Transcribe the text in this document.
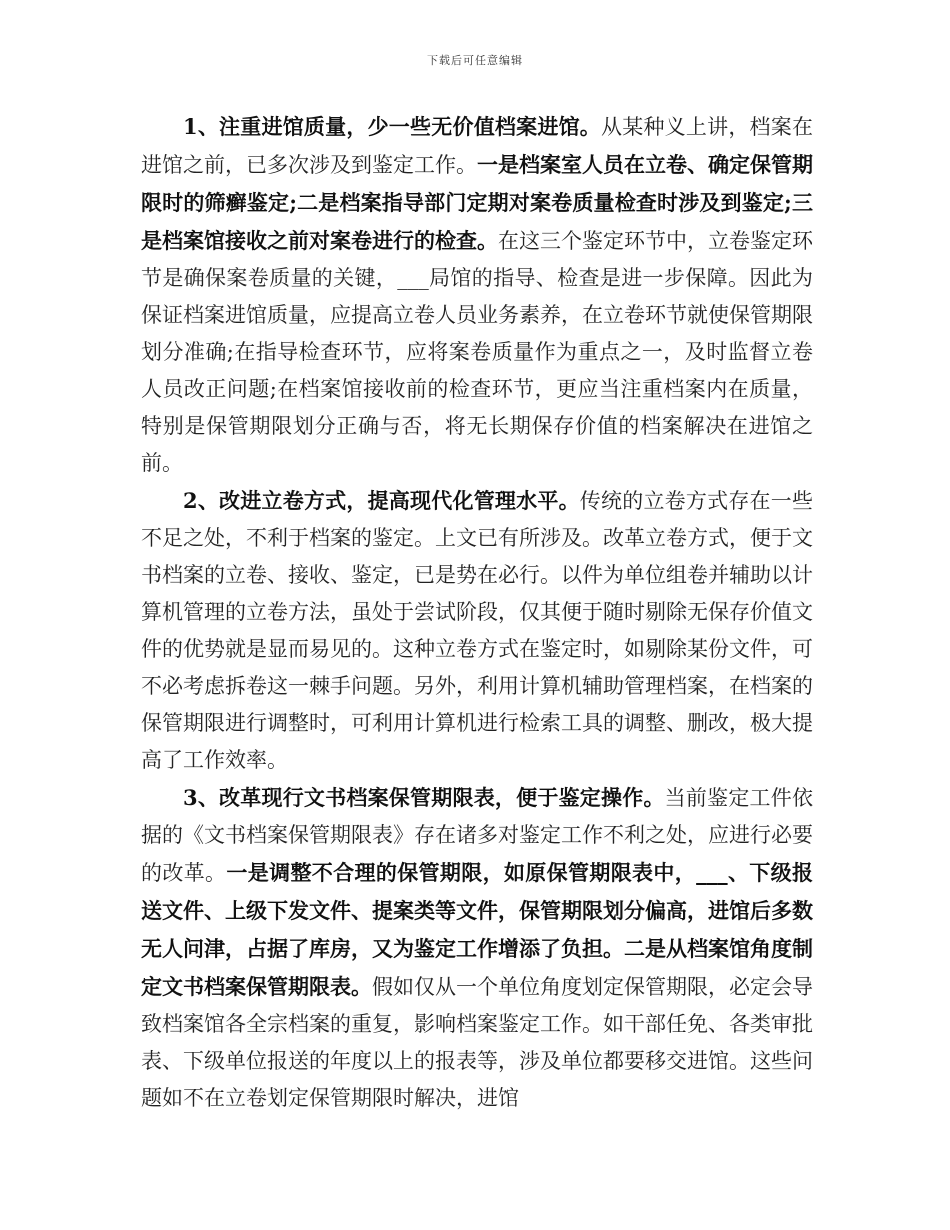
下载后可任意编辑

1、注重进馆质量，少一些无价值档案进馆。从某种义上讲，档案在进馆之前，已多次涉及到鉴定工作。一是档案室人员在立卷、确定保管期限时的筛癣鉴定;二是档案指导部门定期对案卷质量检查时涉及到鉴定;三是档案馆接收之前对案卷进行的检查。在这三个鉴定环节中，立卷鉴定环节是确保案卷质量的关键，___局馆的指导、检查是进一步保障。因此为保证档案进馆质量，应提高立卷人员业务素养，在立卷环节就使保管期限划分准确;在指导检查环节，应将案卷质量作为重点之一，及时监督立卷人员改正问题;在档案馆接收前的检查环节，更应当注重档案内在质量，特别是保管期限划分正确与否，将无长期保存价值的档案解决在进馆之前。

2、改进立卷方式，提高现代化管理水平。传统的立卷方式存在一些不足之处，不利于档案的鉴定。上文已有所涉及。改革立卷方式，便于文书档案的立卷、接收、鉴定，已是势在必行。以件为单位组卷并辅助以计算机管理的立卷方法，虽处于尝试阶段，仅其便于随时剔除无保存价值文件的优势就是显而易见的。这种立卷方式在鉴定时，如剔除某份文件，可不必考虑拆卷这一棘手问题。另外，利用计算机辅助管理档案，在档案的保管期限进行调整时，可利用计算机进行检索工具的调整、删改，极大提高了工作效率。

3、改革现行文书档案保管期限表，便于鉴定操作。当前鉴定工件依据的《文书档案保管期限表》存在诸多对鉴定工作不利之处，应进行必要的改革。一是调整不合理的保管期限，如原保管期限表中，___、下级报送文件、上级下发文件、提案类等文件，保管期限划分偏高，进馆后多数无人问津，占据了库房，又为鉴定工作增添了负担。二是从档案馆角度制定文书档案保管期限表。假如仅从一个单位角度划定保管期限，必定会导致档案馆各全宗档案的重复，影响档案鉴定工作。如干部任免、各类审批表、下级单位报送的年度以上的报表等，涉及单位都要移交进馆。这些问题如不在立卷划定保管期限时解决，进馆
